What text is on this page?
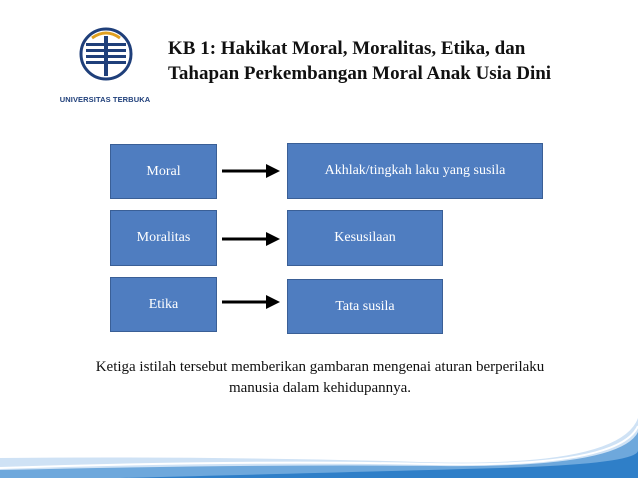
UNIVERSITAS TERBUKA
KB 1: Hakikat Moral, Moralitas, Etika, dan
Tahapan Perkembangan Moral Anak Usia Dini
Moral	Akhlak/tingkah laku yang susila
Moralitas	Kesusilaan
Etika	Tata susila
Ketiga istilah tersebut memberikan gambaran mengenai aturan berperilaku
manusia dalam kehidupannya.
